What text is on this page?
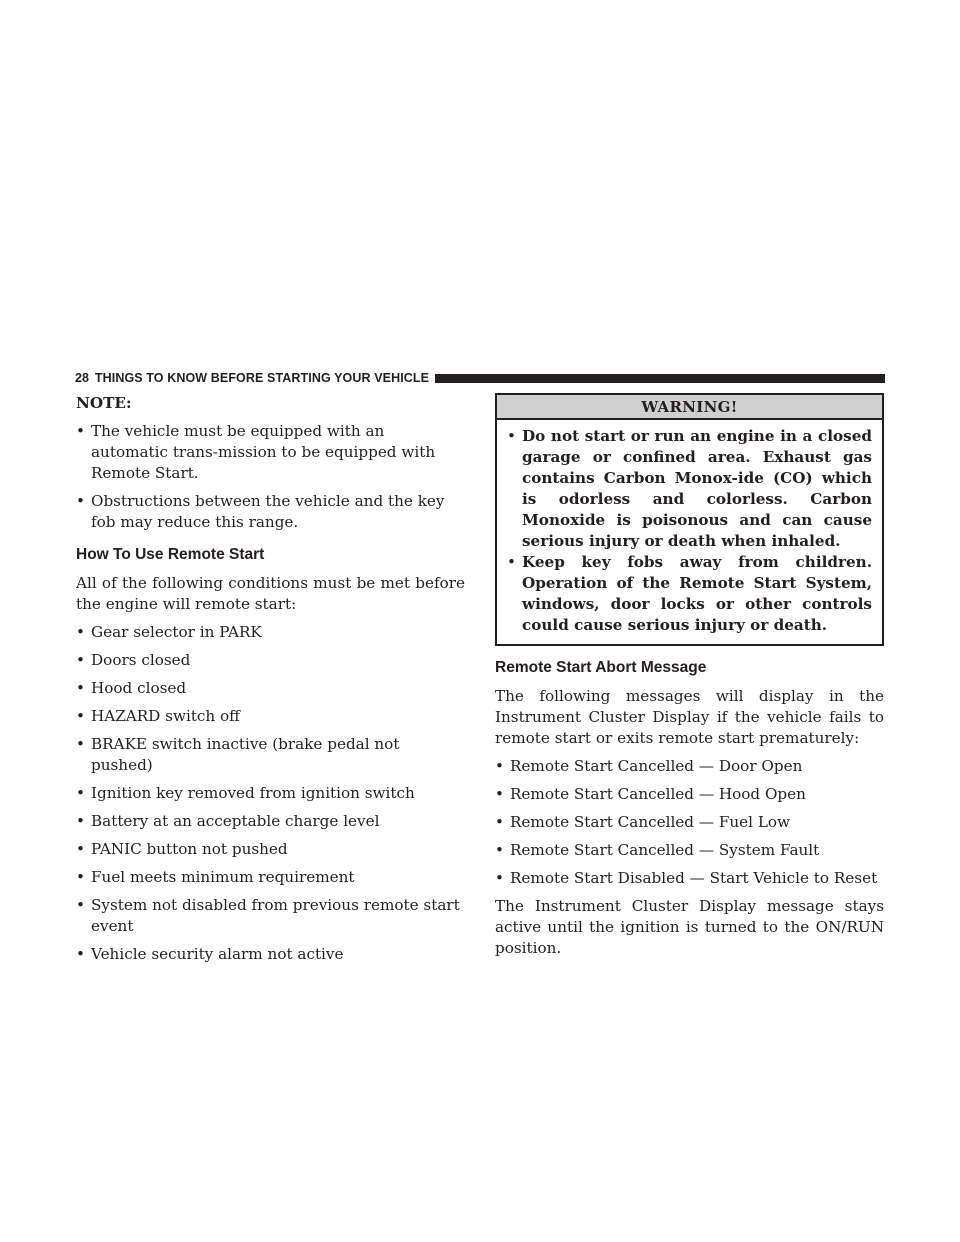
28 THINGS TO KNOW BEFORE STARTING YOUR VEHICLE
NOTE:
• The vehicle must be equipped with an automatic trans-mission to be equipped with Remote Start.
• Obstructions between the vehicle and the key fob may reduce this range.
How To Use Remote Start

All of the following conditions must be met before the engine will remote start:

• Gear selector in PARK
• Doors closed
• Hood closed
• HAZARD switch off
• BRAKE switch inactive (brake pedal not pushed)
• Ignition key removed from ignition switch
• Battery at an acceptable charge level
• PANIC button not pushed
• Fuel meets minimum requirement
• System not disabled from previous remote start event
• Vehicle security alarm not active
WARNING!
• Do not start or run an engine in a closed garage or confined area. Exhaust gas contains Carbon Monox-ide (CO) which is odorless and colorless. Carbon Monoxide is poisonous and can cause serious injury or death when inhaled.
• Keep key fobs away from children. Operation of the Remote Start System, windows, door locks or other controls could cause serious injury or death.
Remote Start Abort Message

The following messages will display in the Instrument Cluster Display if the vehicle fails to remote start or exits remote start prematurely:

• Remote Start Cancelled — Door Open
• Remote Start Cancelled — Hood Open
• Remote Start Cancelled — Fuel Low
• Remote Start Cancelled — System Fault
• Remote Start Disabled — Start Vehicle to Reset

The Instrument Cluster Display message stays active until the ignition is turned to the ON/RUN position.
